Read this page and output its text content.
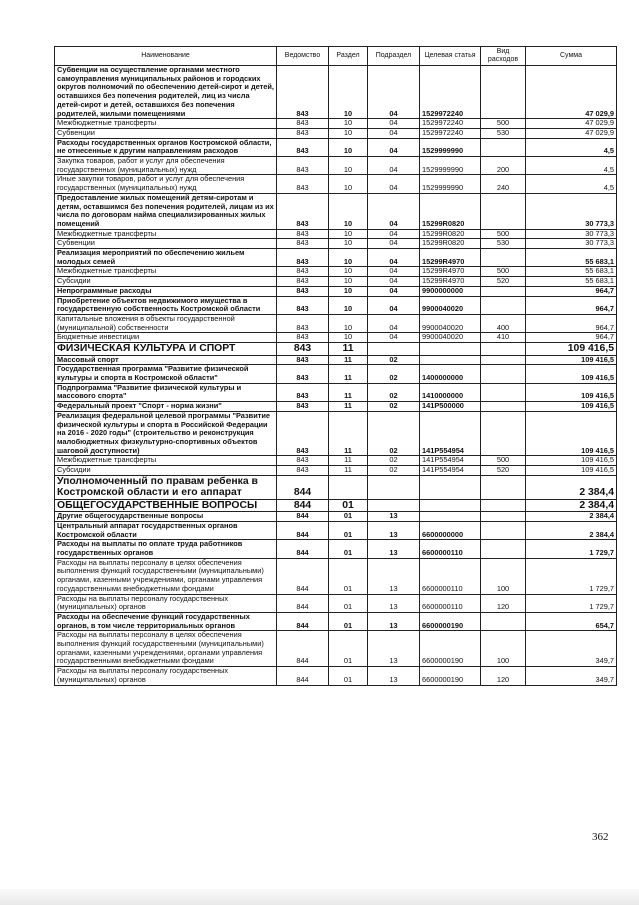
Наименование	Ведомство	Раздел	Подраздел	Целевая статья	Вид расходов	Сумма
Субвенции на осуществление органами местного самоуправления муниципальных районов и городских округов полномочий по обеспечению детей-сирот и детей, оставшихся без попечения родителей, лиц из числа детей-сирот и детей, оставшихся без попечения родителей, жилыми помещениями	843	10	04	1529972240		47 029,9
Межбюджетные трансферты	843	10	04	1529972240	500	47 029,9
Субвенции	843	10	04	1529972240	530	47 029,9
Расходы государственных органов Костромской области, не отнесенные к другим направлениям расходов	843	10	04	1529999990		4,5
Закупка товаров, работ и услуг для обеспечения государственных (муниципальных) нужд	843	10	04	1529999990	200	4,5
Иные закупки товаров, работ и услуг для обеспечения государственных (муниципальных) нужд	843	10	04	1529999990	240	4,5
Предоставление жилых помещений детям-сиротам и детям, оставшимся без попечения родителей, лицам из их числа по договорам найма специализированных жилых помещений	843	10	04	15299R0820		30 773,3
Межбюджетные трансферты	843	10	04	15299R0820	500	30 773,3
Субвенции	843	10	04	15299R0820	530	30 773,3
Реализация мероприятий по обеспечению жильем молодых семей	843	10	04	15299R4970		55 683,1
Межбюджетные трансферты	843	10	04	15299R4970	500	55 683,1
Субсидии	843	10	04	15299R4970	520	55 683,1
Непрограммные расходы	843	10	04	9900000000		964,7
Приобретение объектов недвижимого имущества в государственную собственность Костромской области	843	10	04	9900040020		964,7
Капитальные вложения в объекты государственной (муниципальной) собственности	843	10	04	9900040020	400	964,7
Бюджетные инвестиции	843	10	04	9900040020	410	964,7
ФИЗИЧЕСКАЯ КУЛЬТУРА И СПОРТ	843	11				109 416,5
Массовый спорт	843	11	02			109 416,5
Государственная программа "Развитие физической культуры и спорта в Костромской области"	843	11	02	1400000000		109 416,5
Подпрограмма "Развитие физической культуры и массового спорта"	843	11	02	1410000000		109 416,5
Федеральный проект "Спорт - норма жизни"	843	11	02	141P500000		109 416,5
Реализация федеральной целевой программы "Развитие физической культуры и спорта в Российской Федерации на 2016 - 2020 годы" (строительство и реконструкция малобюджетных физкультурно-спортивных объектов шаговой доступности)	843	11	02	141P554954		109 416,5
Межбюджетные трансферты	843	11	02	141P554954	500	109 416,5
Субсидии	843	11	02	141P554954	520	109 416,5
Уполномоченный по правам ребенка в Костромской области и его аппарат	844					2 384,4
ОБЩЕГОСУДАРСТВЕННЫЕ ВОПРОСЫ	844	01				2 384,4
Другие общегосударственные вопросы	844	01	13			2 384,4
Центральный аппарат государственных органов Костромской области	844	01	13	6600000000		2 384,4
Расходы на выплаты по оплате труда работников государственных органов	844	01	13	6600000110		1 729,7
Расходы на выплаты персоналу в целях обеспечения выполнения функций государственными (муниципальными) органами, казенными учреждениями, органами управления государственными внебюджетными фондами	844	01	13	6600000110	100	1 729,7
Расходы на выплаты персоналу государственных (муниципальных) органов	844	01	13	6600000110	120	1 729,7
Расходы на обеспечение функций государственных органов, в том числе территориальных органов	844	01	13	6600000190		654,7
Расходы на выплаты персоналу в целях обеспечения выполнения функций государственными (муниципальными) органами, казенными учреждениями, органами управления государственными внебюджетными фондами	844	01	13	6600000190	100	349,7
Расходы на выплаты персоналу государственных (муниципальных) органов	844	01	13	6600000190	120	349,7
362
